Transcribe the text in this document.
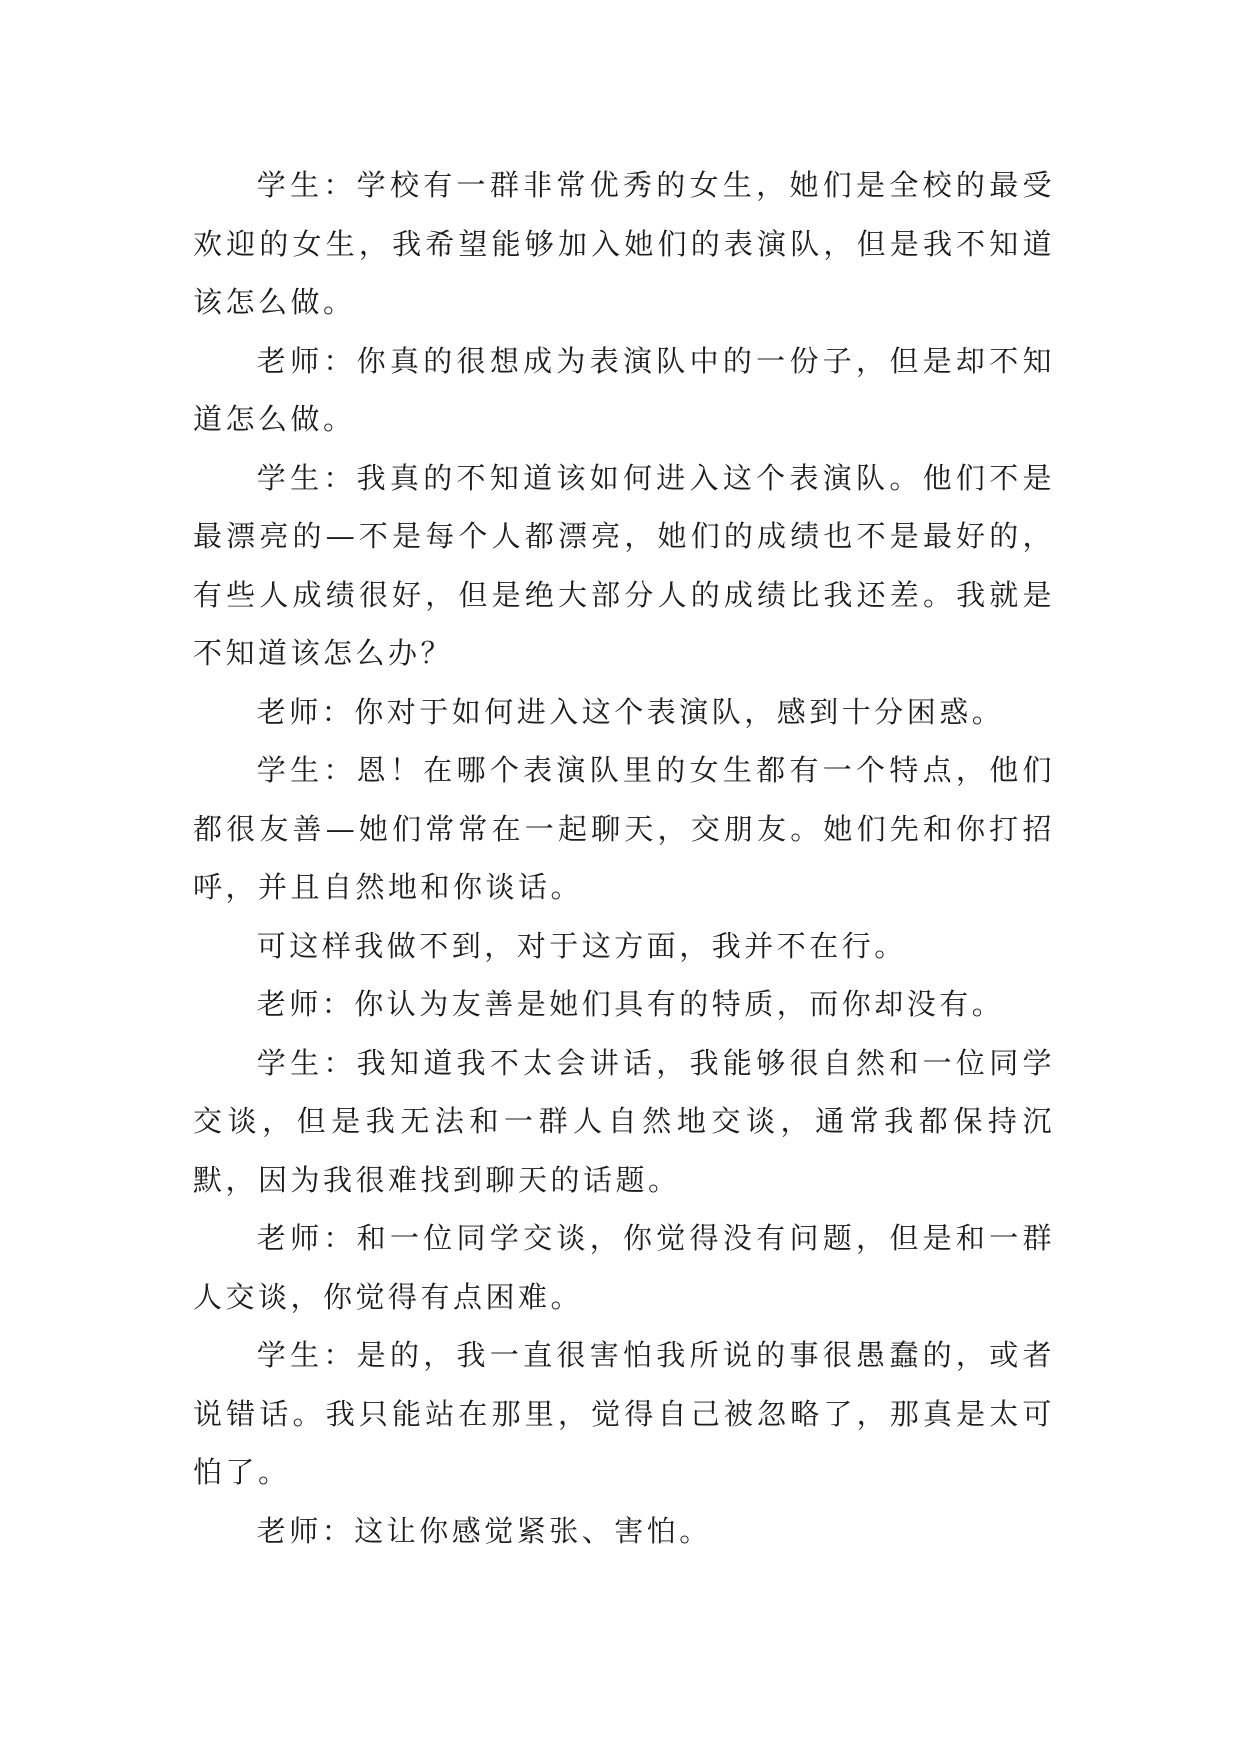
学生：学校有一群非常优秀的女生，她们是全校的最受欢迎的女生，我希望能够加入她们的表演队，但是我不知道该怎么做。

老师：你真的很想成为表演队中的一份子，但是却不知道怎么做。

学生：我真的不知道该如何进入这个表演队。他们不是最漂亮的—不是每个人都漂亮，她们的成绩也不是最好的，有些人成绩很好，但是绝大部分人的成绩比我还差。我就是不知道该怎么办？

老师：你对于如何进入这个表演队，感到十分困惑。

学生：恩！在哪个表演队里的女生都有一个特点，他们都很友善—她们常常在一起聊天，交朋友。她们先和你打招呼，并且自然地和你谈话。

可这样我做不到，对于这方面，我并不在行。

老师：你认为友善是她们具有的特质，而你却没有。

学生：我知道我不太会讲话，我能够很自然和一位同学交谈，但是我无法和一群人自然地交谈，通常我都保持沉默，因为我很难找到聊天的话题。

老师：和一位同学交谈，你觉得没有问题，但是和一群人交谈，你觉得有点困难。

学生：是的，我一直很害怕我所说的事很愚蠢的，或者说错话。我只能站在那里，觉得自己被忽略了，那真是太可怕了。

老师：这让你感觉紧张、害怕。
